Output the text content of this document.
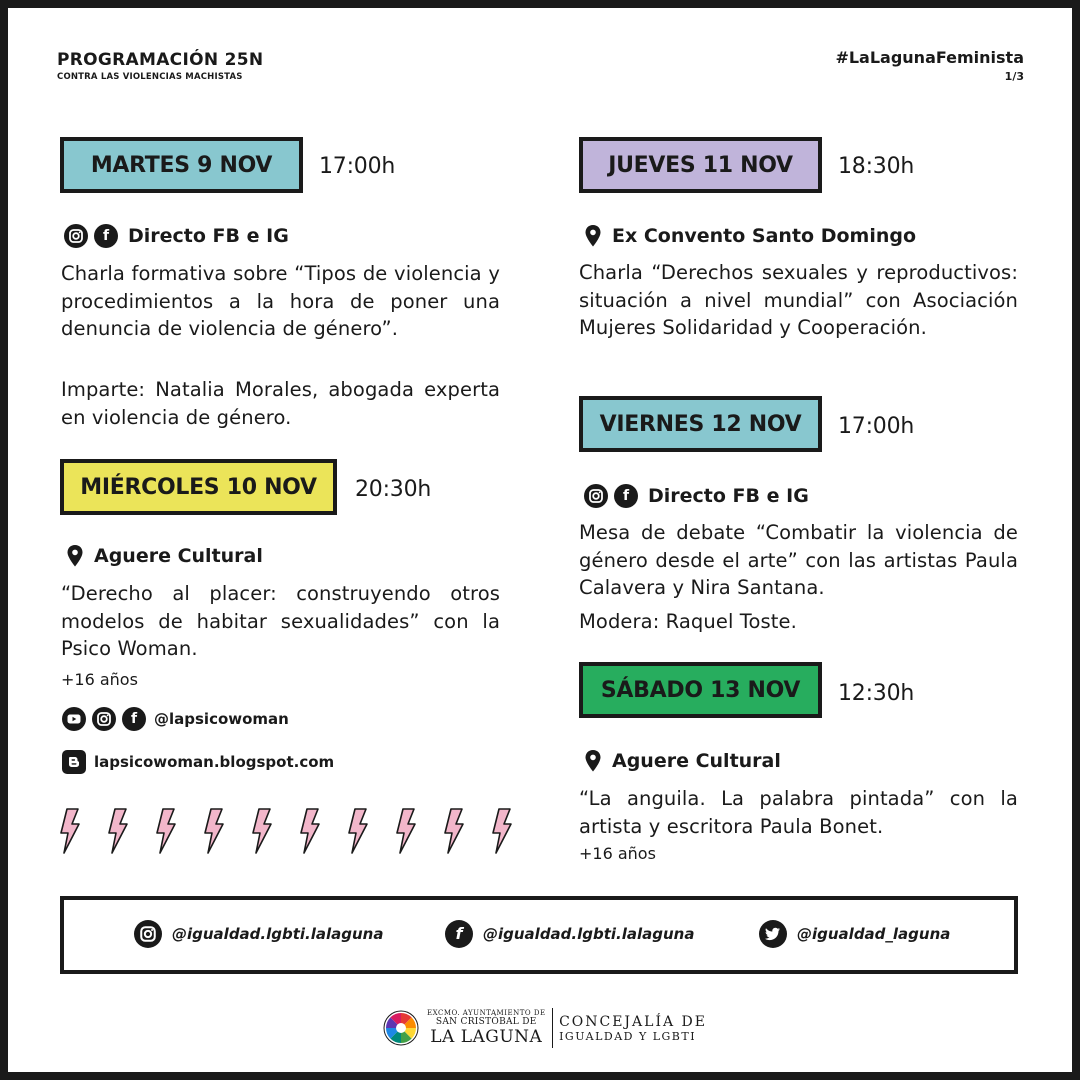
PROGRAMACIÓN 25N
CONTRA LAS VIOLENCIAS MACHISTAS
#LaLagunaFeminista
1/3
MARTES 9 NOV	17:00h
f Directo FB e IG
Charla formativa sobre “Tipos de violencia y procedimientos a la hora de poner una denuncia de violencia de género”.
Imparte: Natalia Morales, abogada experta en violencia de género.
MIÉRCOLES 10 NOV	20:30h
Aguere Cultural
“Derecho al placer: construyendo otros modelos de habitar sexualidades” con la Psico Woman.
+16 años
f	@lapsicowoman
lapsicowoman.blogspot.com
JUEVES 11 NOV	18:30h
Ex Convento Santo Domingo
Charla “Derechos sexuales y reproductivos: situación a nivel mundial” con Asociación Mujeres Solidaridad y Cooperación.
VIERNES 12 NOV	17:00h
f Directo FB e IG
Mesa de debate “Combatir la violencia de género desde el arte” con las artistas Paula Calavera y Nira Santana.
Modera: Raquel Toste.
SÁBADO 13 NOV	12:30h
Aguere Cultural
“La anguila. La palabra pintada” con la artista y escritora Paula Bonet.
+16 años
@igualdad.lgbti.lalaguna	f	@igualdad.lgbti.lalaguna	@igualdad_laguna
EXCMO. AYUNTAMIENTO DE
SAN CRISTÓBAL DE
LA LAGUNA
CONCEJALÍA DE
IGUALDAD Y LGBTI
